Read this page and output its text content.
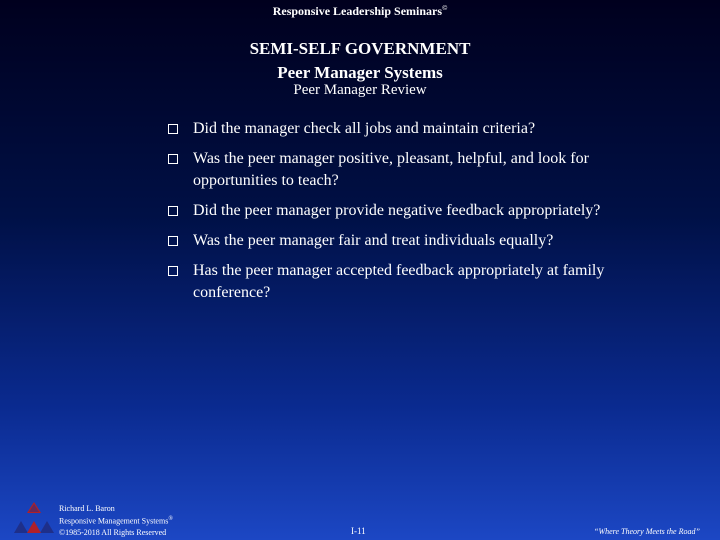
Responsive Leadership Seminars©
SEMI-SELF GOVERNMENT
Peer Manager Systems
Peer Manager Review
Did the manager check all jobs and maintain criteria?
Was the peer manager positive, pleasant, helpful, and look for opportunities to teach?
Did the peer manager provide negative feedback appropriately?
Was the peer manager fair and treat individuals equally?
Has the peer manager accepted feedback appropriately at family conference?
Richard L. Baron
Responsive Management Systems®
©1985-2018 All Rights Reserved	I-11	“Where Theory Meets the Road”
